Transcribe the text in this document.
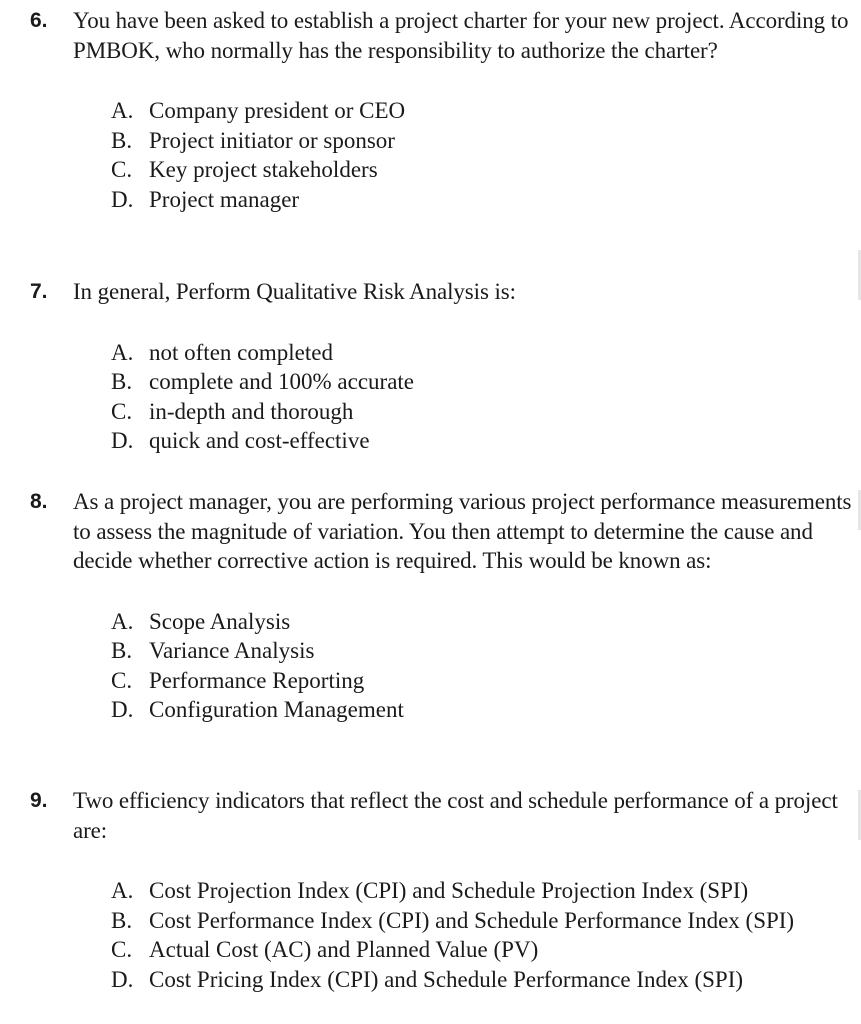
6.	You have been asked to establish a project charter for your new project. According to PMBOK, who normally has the responsibility to authorize the charter?
A. Company president or CEO
B. Project initiator or sponsor
C. Key project stakeholders
D. Project manager
7.	In general, Perform Qualitative Risk Analysis is:
A. not often completed
B. complete and 100% accurate
C. in-depth and thorough
D. quick and cost-effective
8.	As a project manager, you are performing various project performance measurements to assess the magnitude of variation. You then attempt to determine the cause and decide whether corrective action is required. This would be known as:
A. Scope Analysis
B. Variance Analysis
C. Performance Reporting
D. Configuration Management
9.	Two efficiency indicators that reflect the cost and schedule performance of a project are:
A. Cost Projection Index (CPI) and Schedule Projection Index (SPI)
B. Cost Performance Index (CPI) and Schedule Performance Index (SPI)
C. Actual Cost (AC) and Planned Value (PV)
D. Cost Pricing Index (CPI) and Schedule Performance Index (SPI)
